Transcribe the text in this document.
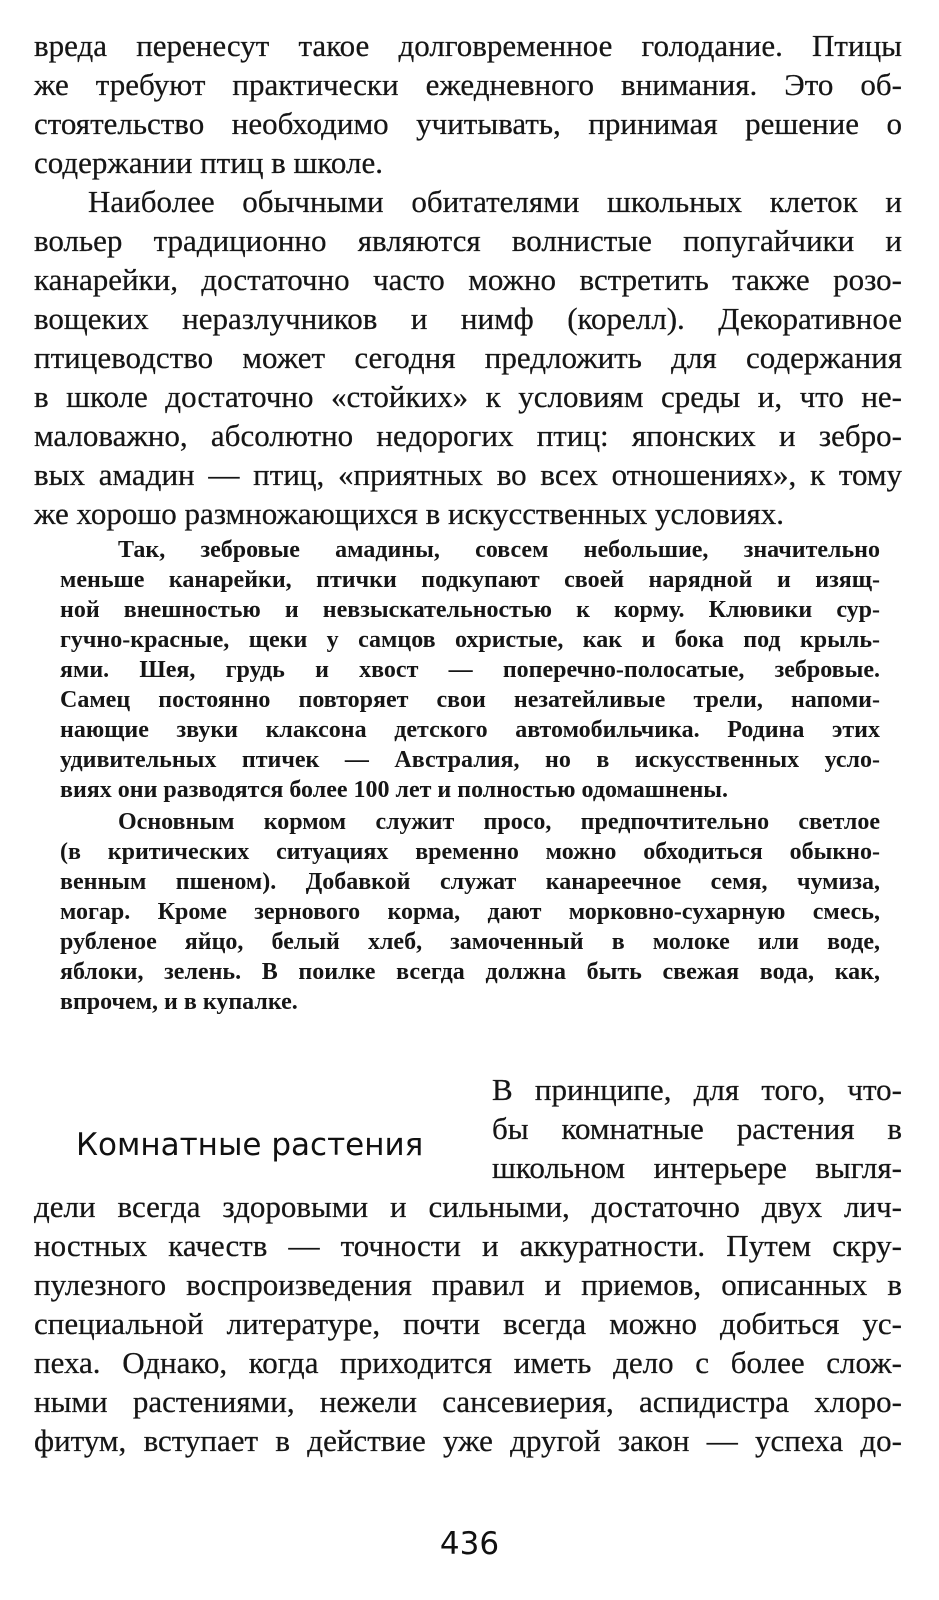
вреда перенесут такое долговременное голодание. Птицы
же требуют практически ежедневного внимания. Это об-
стоятельство необходимо учитывать, принимая решение о
содержании птиц в школе.
Наиболее обычными обитателями школьных клеток и
вольер традиционно являются волнистые попугайчики и
канарейки, достаточно часто можно встретить также розо-
вощеких неразлучников и нимф (корелл). Декоративное
птицеводство может сегодня предложить для содержания
в школе достаточно «стойких» к условиям среды и, что не-
маловажно, абсолютно недорогих птиц: японских и зебро-
вых амадин — птиц, «приятных во всех отношениях», к тому
же хорошо размножающихся в искусственных условиях.
Так, зебровые амадины, совсем небольшие, значительно
меньше канарейки, птички подкупают своей нарядной и изящ-
ной внешностью и невзыскательностью к корму. Клювики сур-
гучно-красные, щеки у самцов охристые, как и бока под крыль-
ями. Шея, грудь и хвост — поперечно-полосатые, зебровые.
Самец постоянно повторяет свои незатейливые трели, напоми-
нающие звуки клаксона детского автомобильчика. Родина этих
удивительных птичек — Австралия, но в искусственных усло-
виях они разводятся более 100 лет и полностью одомашнены.
Основным кормом служит просо, предпочтительно светлое
(в критических ситуациях временно можно обходиться обыкно-
венным пшеном). Добавкой служат канареечное семя, чумиза,
могар. Кроме зернового корма, дают морковно-сухарную смесь,
рубленое яйцо, белый хлеб, замоченный в молоке или воде,
яблоки, зелень. В поилке всегда должна быть свежая вода, как,
впрочем, и в купалке.
Комнатные растения
В принципе, для того, что-
бы комнатные растения в
школьном интерьере выгля-
дели всегда здоровыми и сильными, достаточно двух лич-
ностных качеств — точности и аккуратности. Путем скру-
пулезного воспроизведения правил и приемов, описанных в
специальной литературе, почти всегда можно добиться ус-
пеха. Однако, когда приходится иметь дело с более слож-
ными растениями, нежели сансевиерия, аспидистра хлоро-
фитум, вступает в действие уже другой закон — успеха до-
436
